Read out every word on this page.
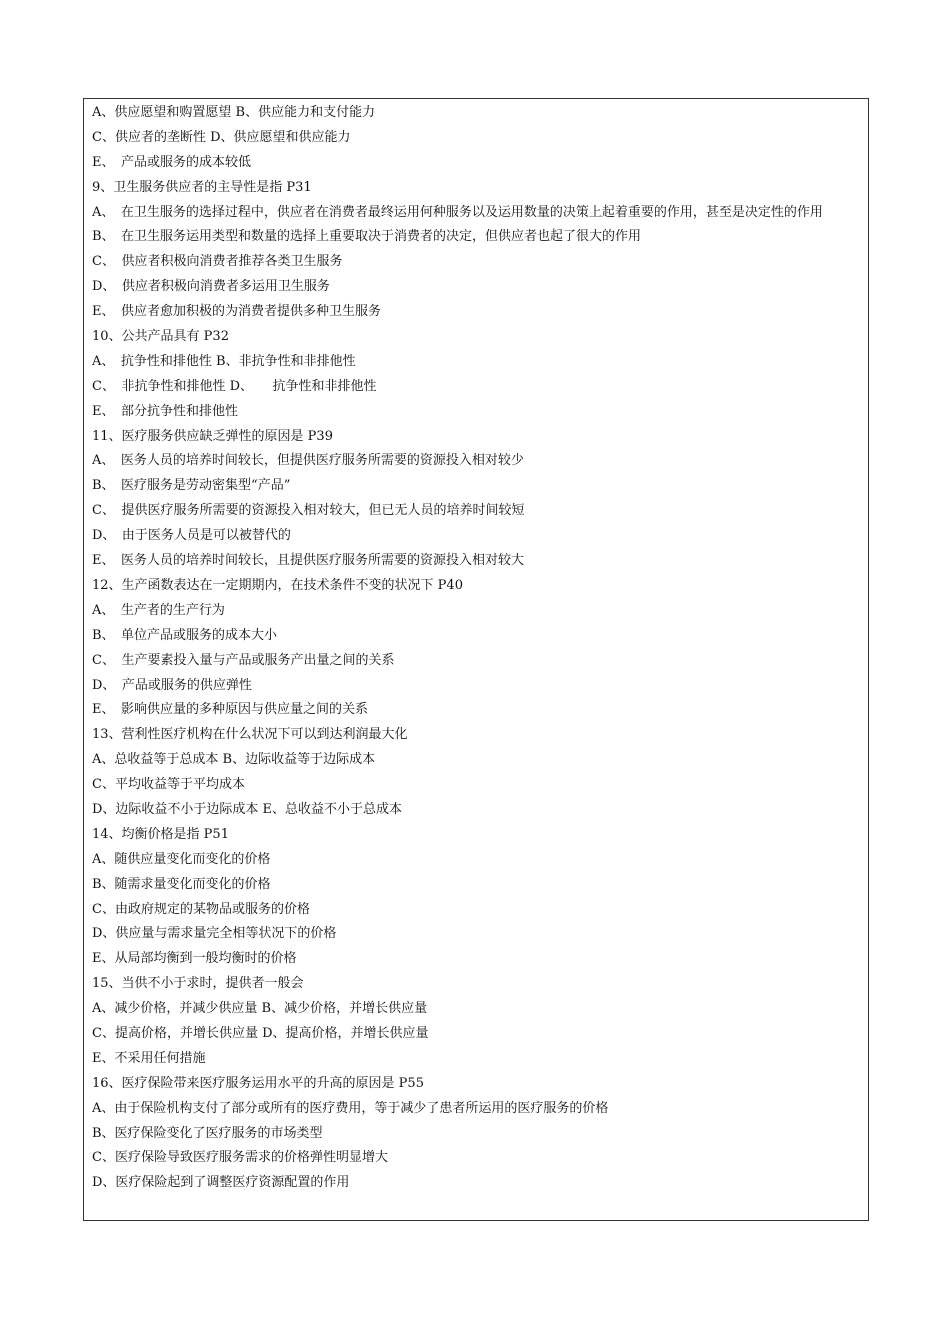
A、供应愿望和购置愿望 B、供应能力和支付能力
C、供应者的垄断性 D、供应愿望和供应能力
E、　产品或服务的成本较低
9、卫生服务供应者的主导性是指 P31
A、　在卫生服务的选择过程中，供应者在消费者最终运用何种服务以及运用数量的决策上起着重要的作用，甚至是决定性的作用
B、　在卫生服务运用类型和数量的选择上重要取决于消费者的决定，但供应者也起了很大的作用
C、　供应者积极向消费者推荐各类卫生服务
D、　供应者积极向消费者多运用卫生服务
E、　供应者愈加积极的为消费者提供多种卫生服务
10、公共产品具有 P32
A、　抗争性和排他性 B、非抗争性和非排他性
C、　非抗争性和排他性 D、　　抗争性和非排他性
E、　部分抗争性和排他性
11、医疗服务供应缺乏弹性的原因是 P39
A、　医务人员的培养时间较长，但提供医疗服务所需要的资源投入相对较少
B、　医疗服务是劳动密集型“产品”
C、　提供医疗服务所需要的资源投入相对较大，但已无人员的培养时间较短
D、　由于医务人员是可以被替代的
E、　医务人员的培养时间较长，且提供医疗服务所需要的资源投入相对较大
12、生产函数表达在一定期期内，在技术条件不变的状况下 P40
A、　生产者的生产行为
B、　单位产品或服务的成本大小
C、　生产要素投入量与产品或服务产出量之间的关系
D、　产品或服务的供应弹性
E、　影响供应量的多种原因与供应量之间的关系
13、营利性医疗机构在什么状况下可以到达利润最大化
A、总收益等于总成本 B、边际收益等于边际成本
C、平均收益等于平均成本
D、边际收益不小于边际成本 E、总收益不小于总成本
14、均衡价格是指 P51
A、随供应量变化而变化的价格
B、随需求量变化而变化的价格
C、由政府规定的某物品或服务的价格
D、供应量与需求量完全相等状况下的价格
E、从局部均衡到一般均衡时的价格
15、当供不小于求时，提供者一般会
A、减少价格，并减少供应量 B、减少价格，并增长供应量
C、提高价格，并增长供应量 D、提高价格，并增长供应量
E、不采用任何措施
16、医疗保险带来医疗服务运用水平的升高的原因是 P55
A、由于保险机构支付了部分或所有的医疗费用，等于减少了患者所运用的医疗服务的价格
B、医疗保险变化了医疗服务的市场类型
C、医疗保险导致医疗服务需求的价格弹性明显增大
D、医疗保险起到了调整医疗资源配置的作用
